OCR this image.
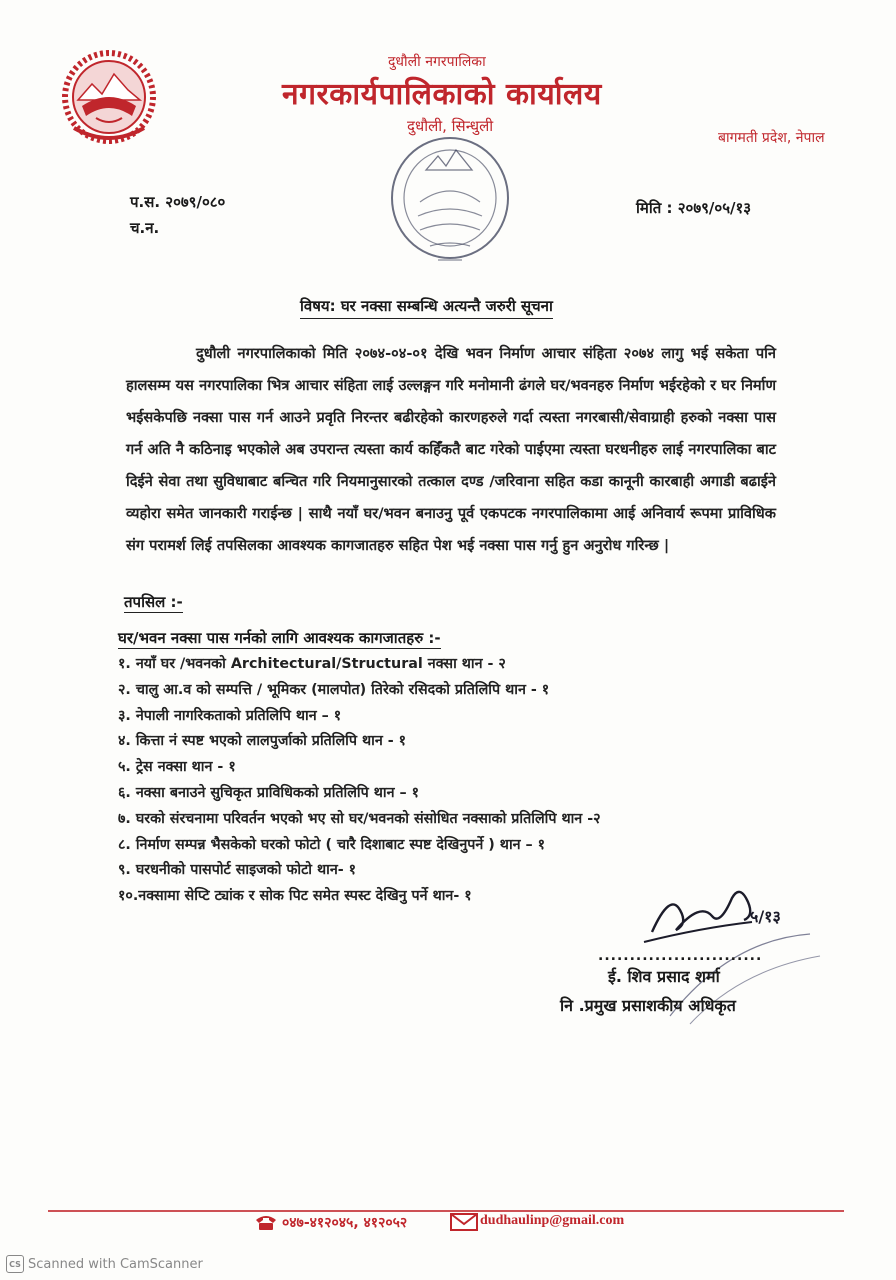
दुधौली नगरपालिका
नगरकार्यपालिकाको कार्यालय
दुधौली, सिन्धुली
बागमती प्रदेश, नेपाल
प.स. २०७९/०८०
च.न.
मिति : २०७९/०५/१३
विषय: घर नक्सा सम्बन्धि अत्यन्तै जरुरी सूचना

दुधौली नगरपालिकाको मिति २०७४-०४-०१ देखि भवन निर्माण आचार संहिता २०७४ लागु भई सकेता पनि हालसम्म यस नगरपालिका भित्र आचार संहिता लाई उल्लङ्गन गरि मनोमानी ढंगले घर/भवनहरु निर्माण भईरहेको र घर निर्माण भईसकेपछि नक्सा पास गर्न आउने प्रवृति निरन्तर बढीरहेको कारणहरुले गर्दा त्यस्ता नगरबासी/सेवाग्राही हरुको नक्सा पास गर्न अति नै कठिनाइ भएकोले अब उपरान्त त्यस्ता कार्य कहिँकतै बाट गरेको पाईएमा त्यस्ता घरधनीहरु लाई नगरपालिका बाट दिईने सेवा तथा सुविधाबाट बन्चित गरि नियमानुसारको तत्काल दण्ड /जरिवाना सहित कडा कानूनी कारबाही अगाडी बढाईने व्यहोरा समेत जानकारी गराईन्छ | साथै नयाँ घर/भवन बनाउनु पूर्व एकपटक नगरपालिकामा आई अनिवार्य रूपमा प्राविधिक संग परामर्श लिई तपसिलका आवश्यक कागजातहरु सहित पेश भई नक्सा पास गर्नु हुन अनुरोध गरिन्छ |

तपसिल :-
घर/भवन नक्सा पास गर्नको लागि आवश्यक कागजातहरु :-
१. नयाँ घर /भवनको Architectural/Structural नक्सा थान - २
२. चालु आ.व को सम्पत्ति / भूमिकर (मालपोत) तिरेको रसिदको प्रतिलिपि थान - १
३. नेपाली नागरिकताको प्रतिलिपि थान – १
४. कित्ता नं स्पष्ट भएको लालपुर्जाको प्रतिलिपि थान - १
५. ट्रेस नक्सा थान - १
६. नक्सा बनाउने सुचिकृत प्राविधिकको प्रतिलिपि थान – १
७. घरको संरचनामा परिवर्तन भएको भए सो घर/भवनको संसोधित नक्साको प्रतिलिपि थान -२
८. निर्माण सम्पन्न भैसकेको घरको फोटो ( चारै दिशाबाट स्पष्ट देखिनुपर्ने ) थान – १
९. घरधनीको पासपोर्ट साइजको फोटो थान- १
१०.नक्सामा सेप्टि ट्यांक र सोक पिट समेत स्पस्ट देखिनु पर्ने थान- १
५/१३
..........................
ई. शिव प्रसाद शर्मा
नि .प्रमुख प्रसाशकीय अधिकृत
०४७-४१२०४५, ४१२०५२	dudhaulinp@gmail.com
CS Scanned with CamScanner
